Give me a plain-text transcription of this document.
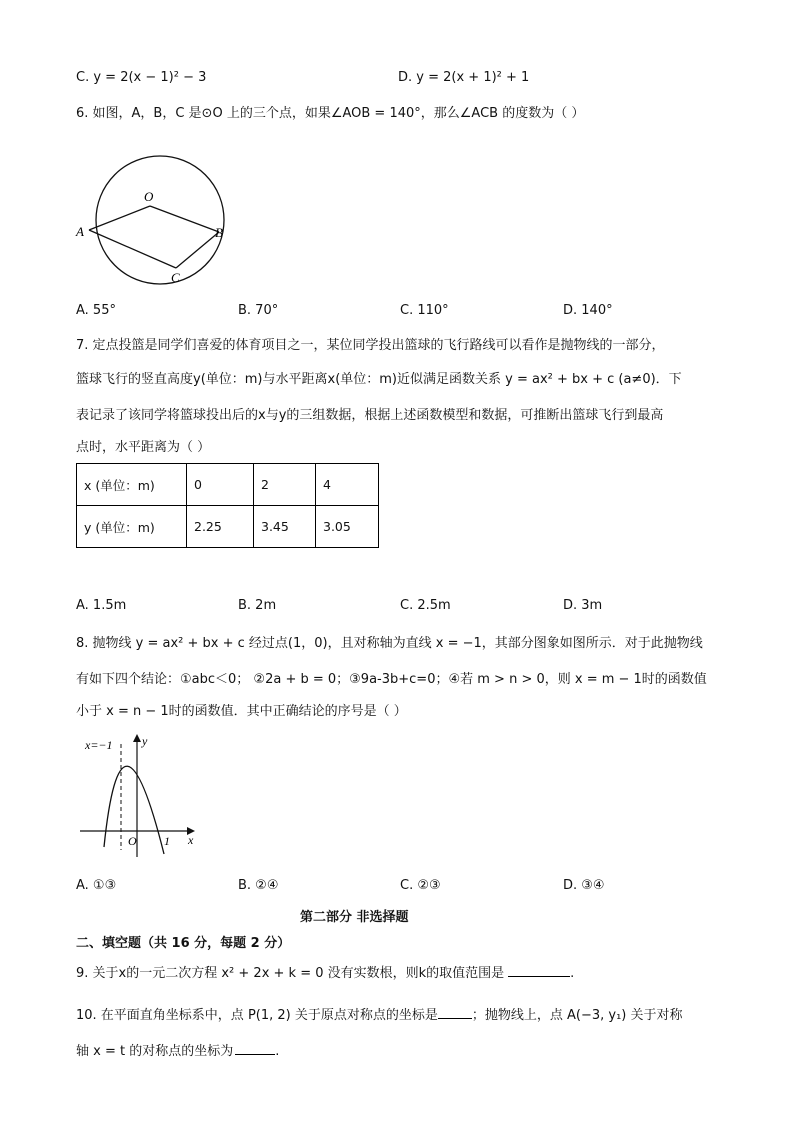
C. y = 2(x − 1)² − 3	D. y = 2(x + 1)² + 1
6. 如图，A，B，C 是⊙O 上的三个点，如果∠AOB = 140°，那么∠ACB 的度数为（ ）
O
A	B
C
A. 55°	B. 70°	C. 110°	D. 140°
7. 定点投篮是同学们喜爱的体育项目之一，某位同学投出篮球的飞行路线可以看作是抛物线的一部分，
篮球飞行的竖直高度y(单位：m)与水平距离x(单位：m)近似满足函数关系 y = ax² + bx + c (a≠0)．下
表记录了该同学将篮球投出后的x与y的三组数据，根据上述函数模型和数据，可推断出篮球飞行到最高
点时，水平距离为（ ）
x (单位：m)	0	2	4
y (单位：m)	2.25	3.45	3.05
A. 1.5m	B. 2m	C. 2.5m	D. 3m
8. 抛物线 y = ax² + bx + c 经过点(1，0)，且对称轴为直线 x = −1，其部分图象如图所示．对于此抛物线
有如下四个结论：①abc＜0； ②2a + b = 0；③9a-3b+c=0；④若 m > n > 0，则 x = m − 1时的函数值
小于 x = n − 1时的函数值．其中正确结论的序号是（ ）
x=−1 y
x
O 1
A. ①③	B. ②④	C. ②③	D. ③④
第二部分 非选择题
二、填空题（共 16 分，每题 2 分）
9. 关于x的一元二次方程 x² + 2x + k = 0 没有实数根，则k的取值范围是	.
10. 在平面直角坐标系中，点 P(1, 2) 关于原点对称点的坐标是	；抛物线上，点 A(−3, y₁) 关于对称
轴 x = t 的对称点的坐标为	.
